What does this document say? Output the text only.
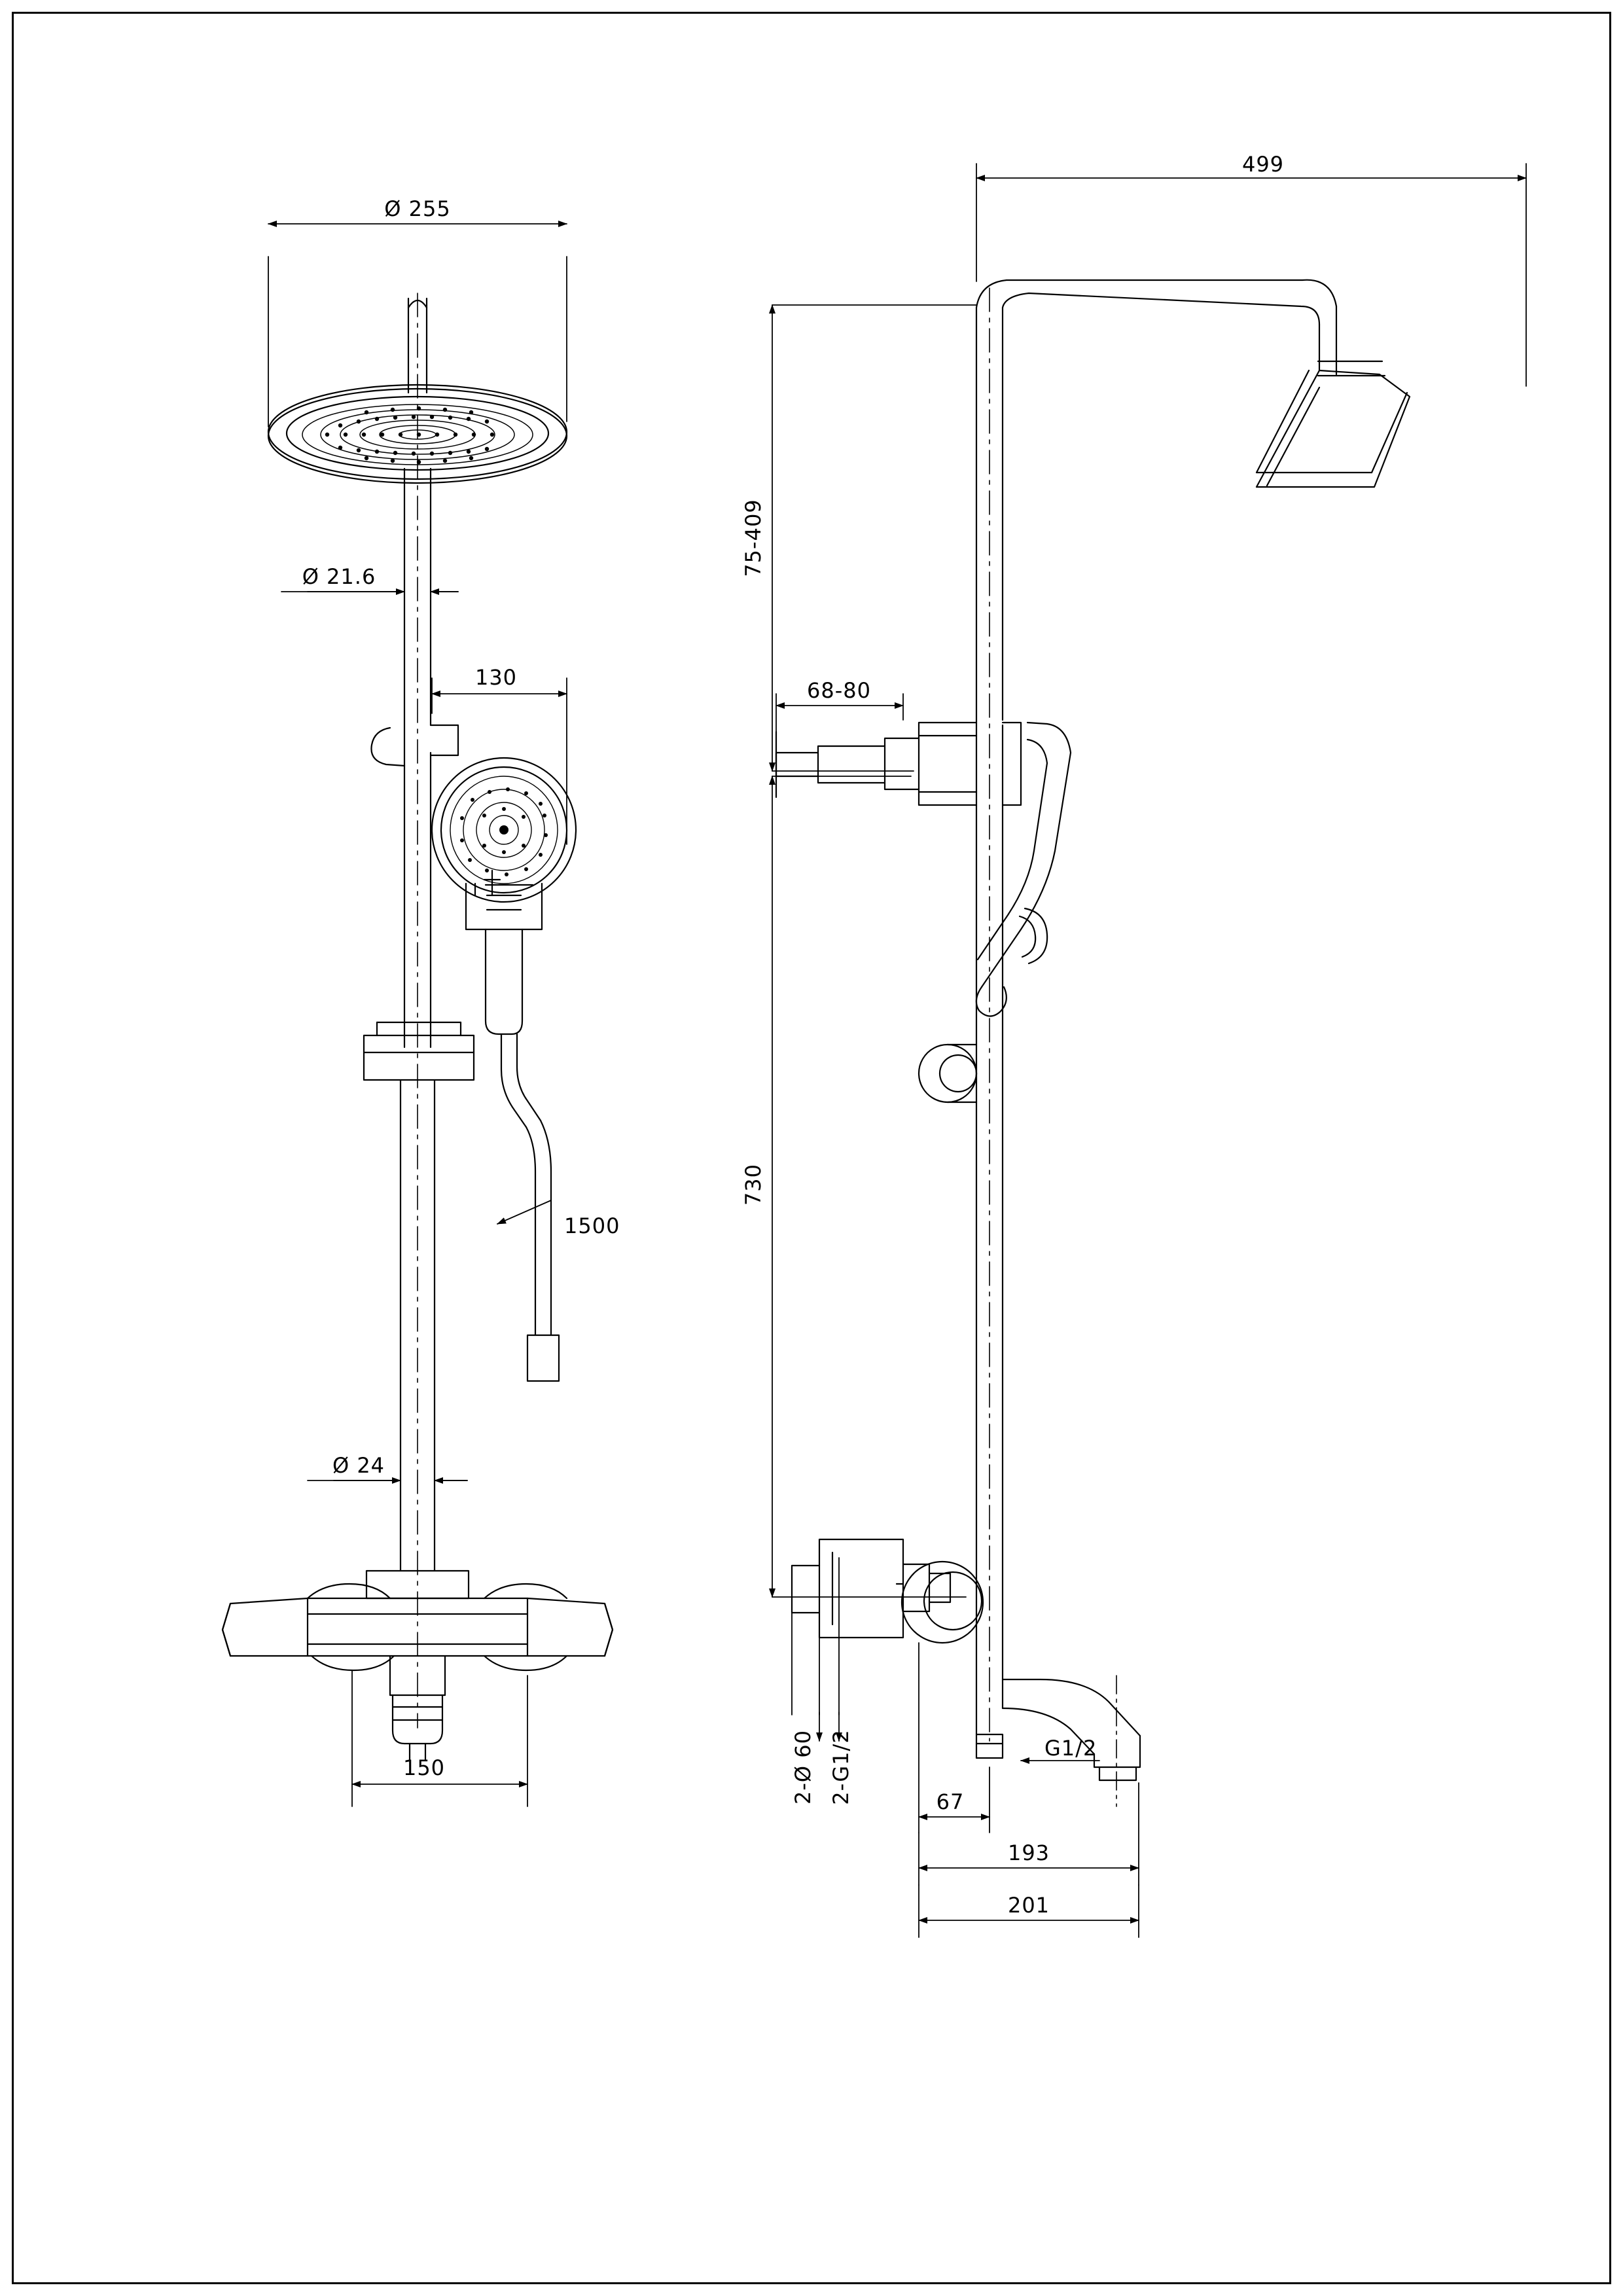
Ø 255
Ø 21.6
130
1500
Ø 24
150
499
75-409
68-80
730
2-Ø 60 2-G1/2	G1/2
67
193
201
